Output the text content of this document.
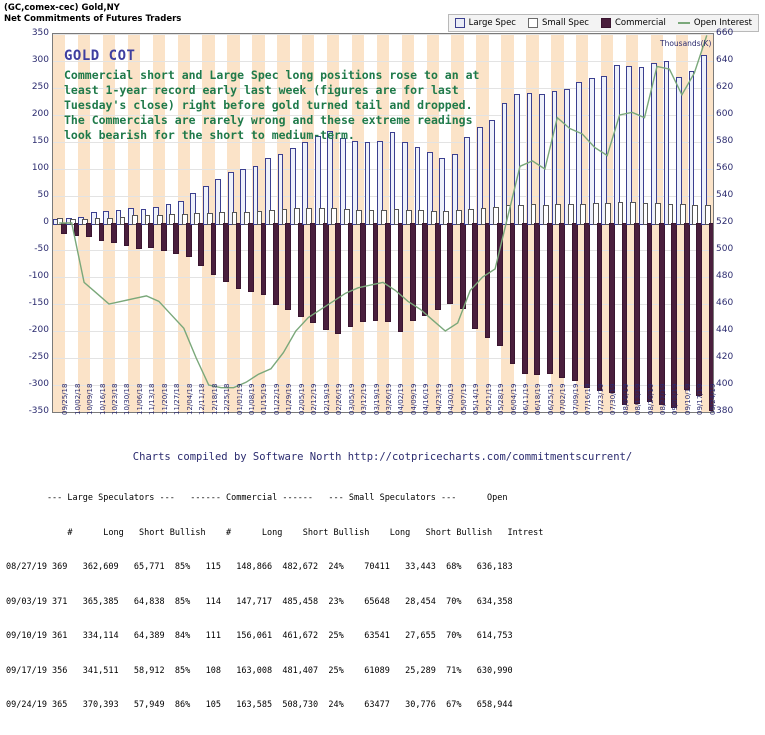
(GC,comex-cec) Gold,NY
Net Commitments of Futures Traders	Large Spec	Small Spec	Commercial	Open Interest
Thousands(K)
-350
-300
-250
-200
-150
-100
-50
0
50
100
150
200
250
300
350
380
400
420
440
460
480
500
520
540
560
580
600
620
640
660
09/25/18 10/02/18 10/09/18 10/16/18 10/23/18 10/30/18 11/06/18 11/13/18 11/20/18 11/27/18 12/04/18 12/11/18 12/18/18 12/25/18 01/01/19 01/08/19 01/15/19 01/22/19 01/29/19 02/05/19 02/12/19 02/19/19 02/26/19 03/05/19 03/12/19 03/19/19 03/26/19 04/02/19 04/09/19 04/16/19 04/23/19 04/30/19 05/07/19 05/14/19 05/21/19 05/28/19 06/04/19 06/11/19 06/18/19 06/25/19 07/02/19 07/09/19 07/16/19 07/23/19 07/30/19 08/06/19 08/13/19 08/20/19 08/27/19 09/03/19 09/10/19 09/17/19 09/24/19
GOLD COT
Commercial short and Large Spec long positions rose to an at least 1-year record early last week (figures are for last Tuesday's close) right before gold turned tail and dropped. The Commercials are rarely wrong and these extreme readings look bearish for the short to medium-term.
Charts compiled by Software North http://cotpricecharts.com/commitmentscurrent/

--- Large Speculators ---   ------ Commercial ------   --- Small Speculators ---      Open

#      Long   Short Bullish    #      Long    Short Bullish    Long   Short Bullish   Intrest

08/27/19 369   362,609   65,771  85%   115   148,866  482,672  24%    70411   33,443  68%   636,183

09/03/19 371   365,385   64,838  85%   114   147,717  485,458  23%    65648   28,454  70%   634,358

09/10/19 361   334,114   64,389  84%   111   156,061  461,672  25%    63541   27,655  70%   614,753

09/17/19 356   341,511   58,912  85%   108   163,008  481,407  25%    61089   25,289  71%   630,990

09/24/19 365   370,393   57,949  86%   105   163,585  508,730  24%    63477   30,776  67%   658,944
